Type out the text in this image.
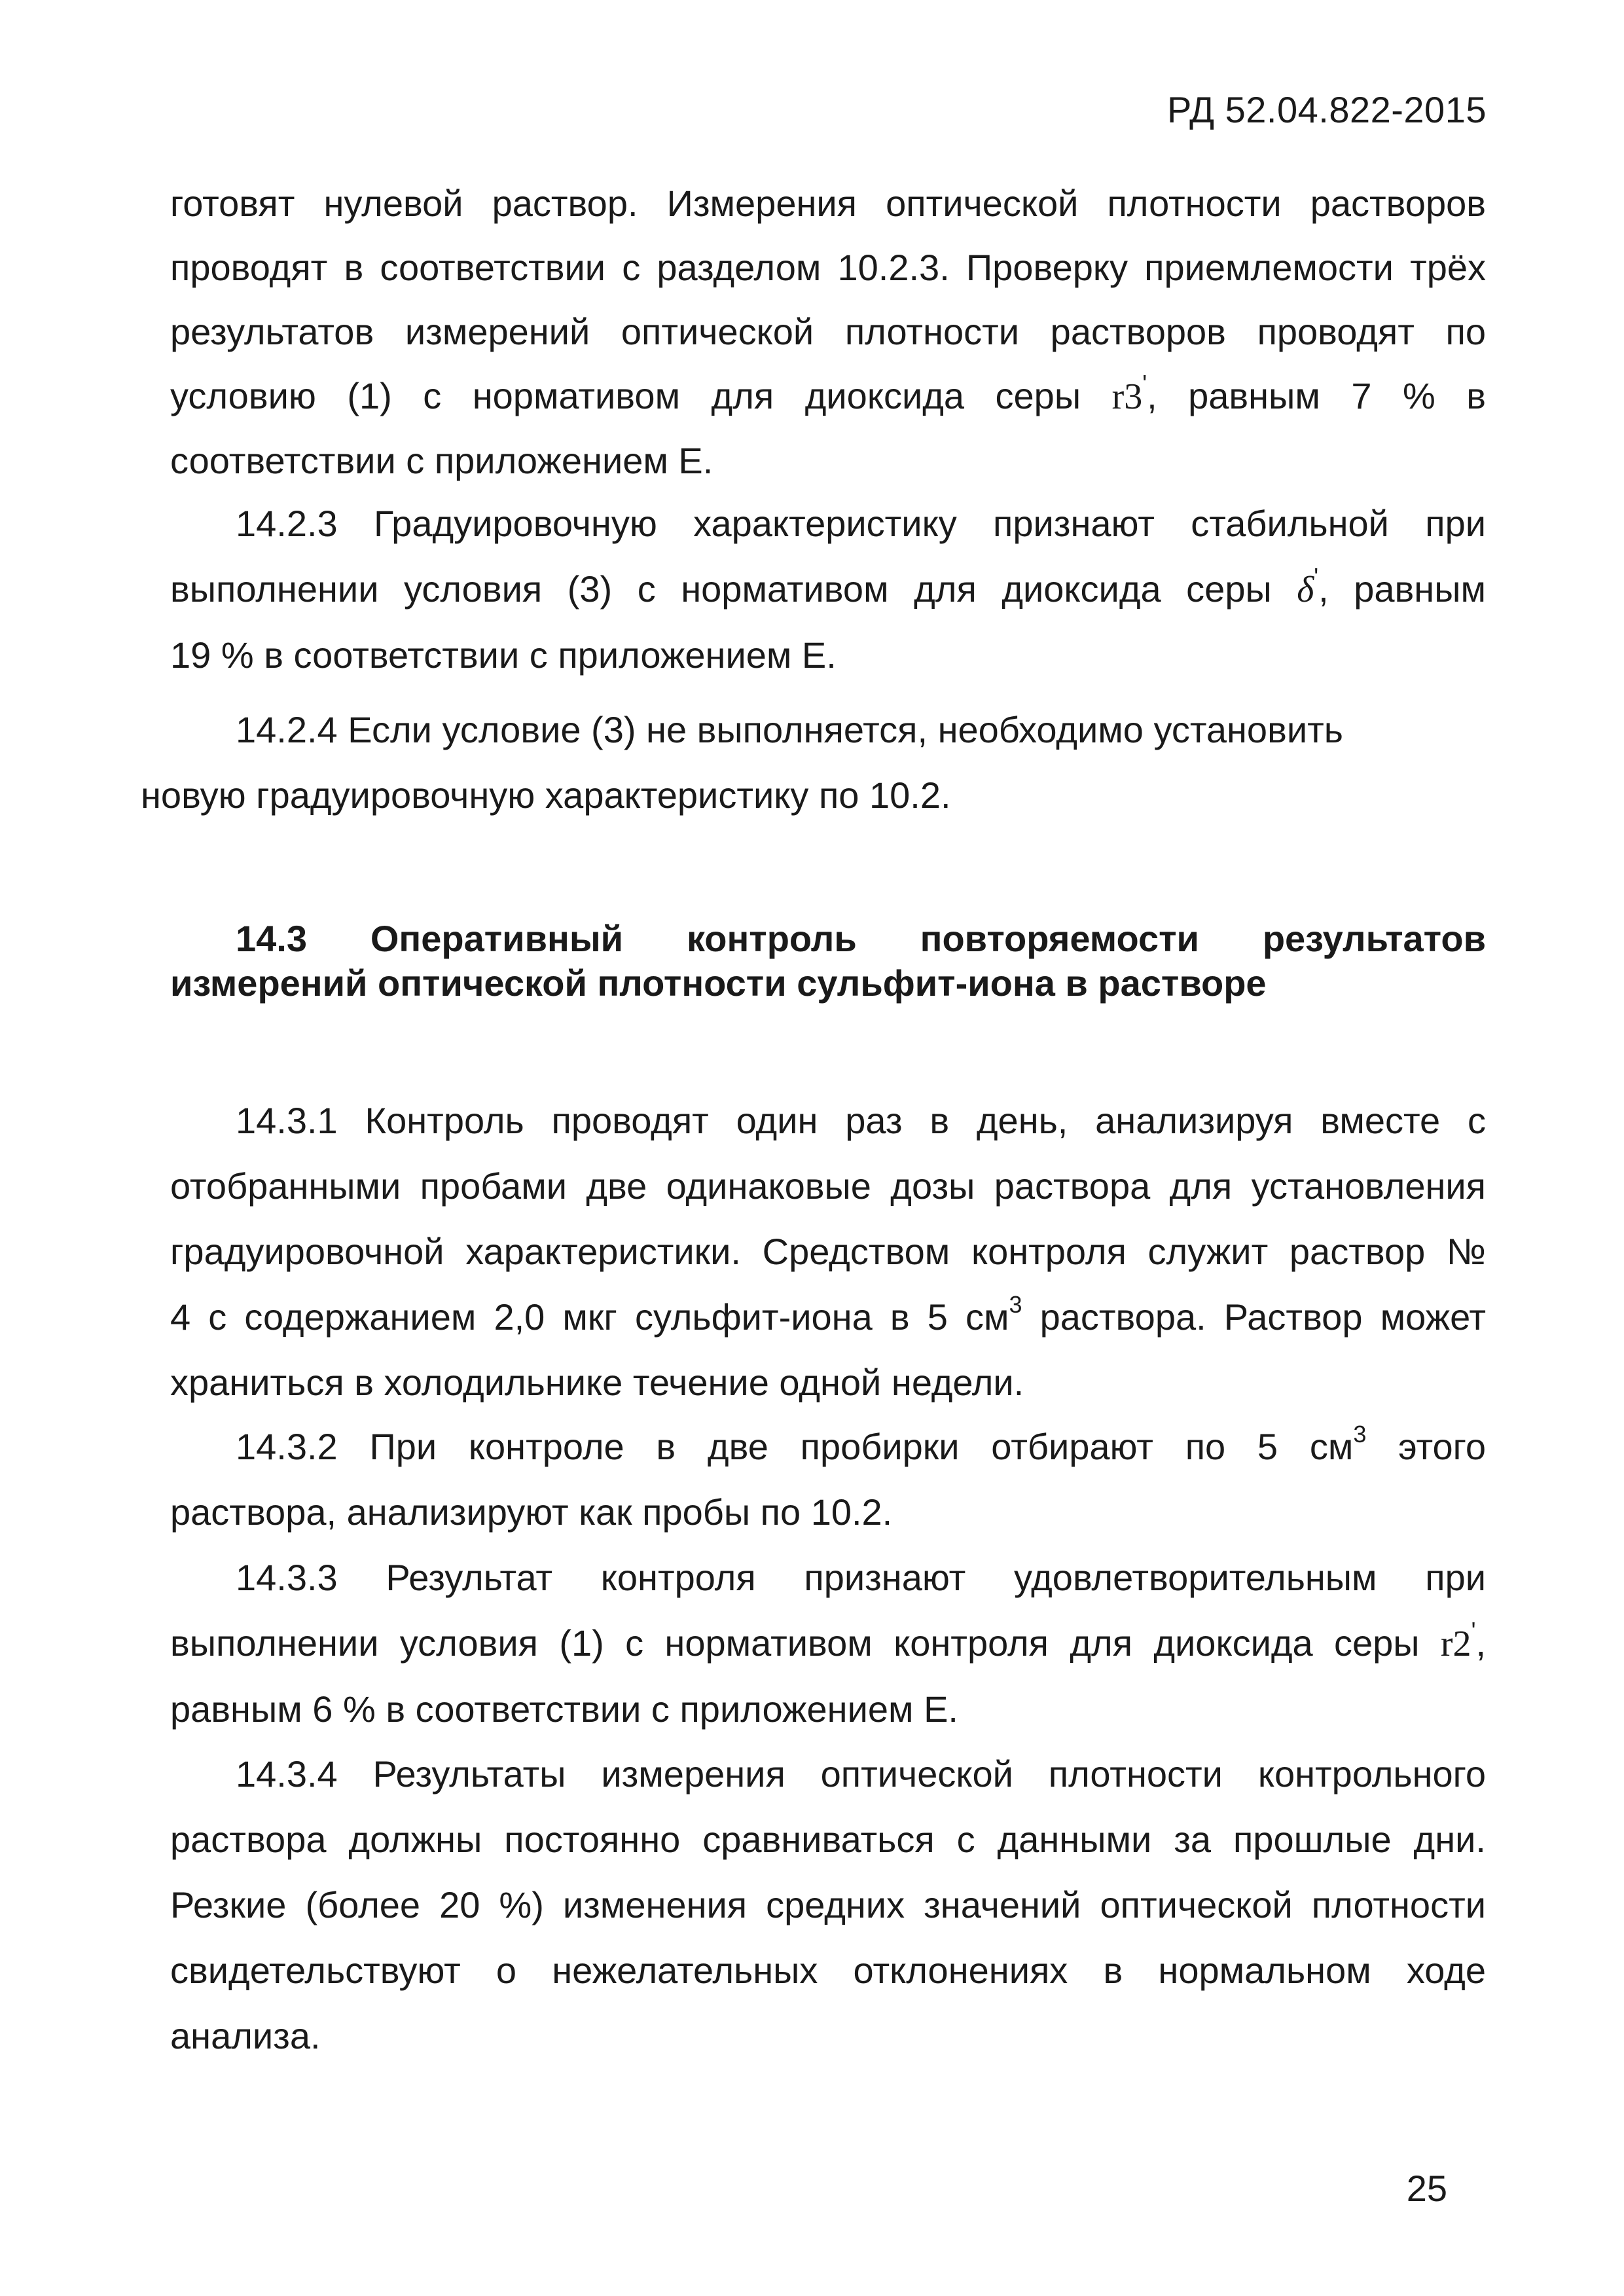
РД 52.04.822-2015
готовят нулевой раствор. Измерения оптической плотности растворов
проводят в соответствии с разделом 10.2.3. Проверку приемлемости трёх
результатов измерений оптической плотности растворов проводят по
условию (1) с нормативом для диоксида серы r3', равным 7 % в
соответствии с приложением Е.
14.2.3 Градуировочную характеристику признают стабильной при
выполнении условия (3) с нормативом для диоксида серы δ', равным
19 % в соответствии с приложением Е.
14.2.4 Если условие (3) не выполняется, необходимо установить
новую градуировочную характеристику по 10.2.
14.3 Оперативный контроль повторяемости результатов
измерений оптической плотности сульфит-иона в растворе
14.3.1 Контроль проводят один раз в день, анализируя вместе с
отобранными пробами две одинаковые дозы раствора для установления
градуировочной характеристики. Средством контроля служит раствор №
4 с содержанием 2,0 мкг сульфит-иона в 5 $см^3$ раствора. Раствор может
храниться в холодильнике течение одной недели.
14.3.2 При контроле в две пробирки отбирают по 5 $см^3$ этого
раствора, анализируют как пробы по 10.2.
14.3.3 Результат контроля признают удовлетворительным при
выполнении условия (1) с нормативом контроля для диоксида серы r2',
равным 6 % в соответствии с приложением Е.
14.3.4 Результаты измерения оптической плотности контрольного
раствора должны постоянно сравниваться с данными за прошлые дни.
Резкие (более 20 %) изменения средних значений оптической плотности
свидетельствуют о нежелательных отклонениях в нормальном ходе
анализа.
25
